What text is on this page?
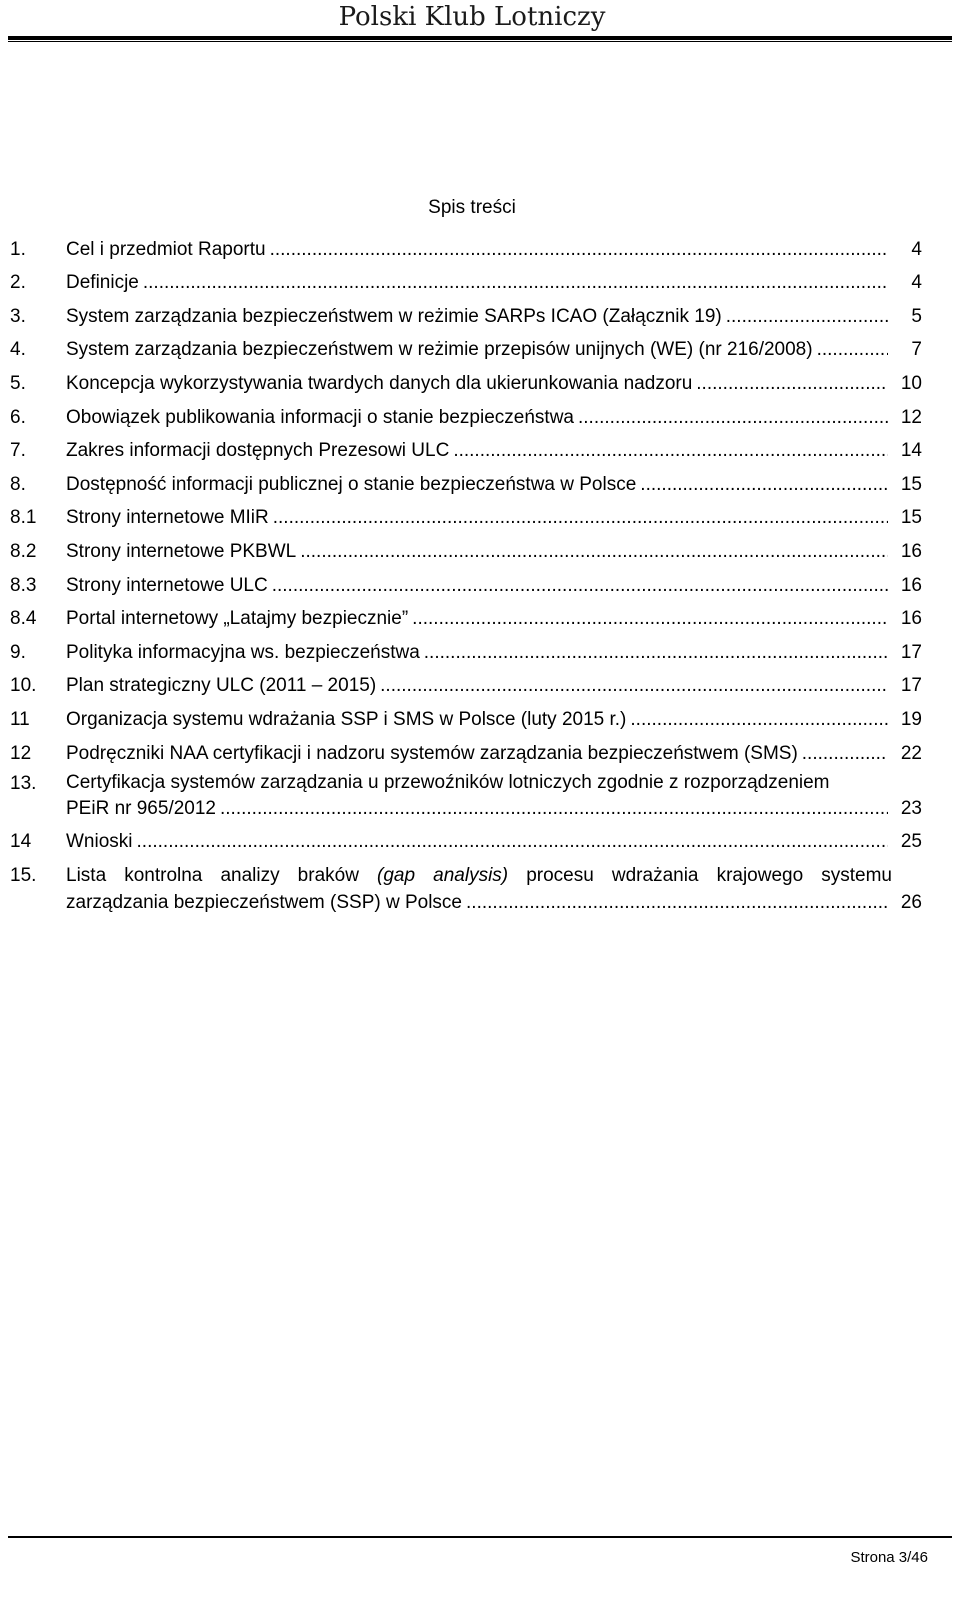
Polski Klub Lotniczy
Spis treści
1.	Cel i przedmiot Raportu .....	4
2.	Definicje .....	4
3.	System zarządzania bezpieczeństwem w reżimie SARPs ICAO (Załącznik 19) .....	5
4.	System zarządzania bezpieczeństwem w reżimie przepisów unijnych (WE) (nr 216/2008) .....	7
5.	Koncepcja wykorzystywania twardych danych dla ukierunkowania nadzoru .....	10
6.	Obowiązek publikowania informacji o stanie bezpieczeństwa .....	12
7.	Zakres informacji dostępnych Prezesowi ULC .....	14
8.	Dostępność informacji publicznej o stanie bezpieczeństwa w Polsce .....	15
8.1	Strony internetowe MIiR .....	15
8.2	Strony internetowe PKBWL .....	16
8.3	Strony internetowe ULC .....	16
8.4	Portal internetowy „Latajmy bezpiecznie” .....	16
9.	Polityka informacyjna ws. bezpieczeństwa .....	17
10.	Plan strategiczny ULC (2011 – 2015) .....	17
11	Organizacja systemu wdrażania SSP i SMS w Polsce (luty 2015 r.) .....	19
12	Podręczniki NAA certyfikacji i nadzoru systemów zarządzania bezpieczeństwem (SMS) .....	22
13.	Certyfikacja systemów zarządzania u przewoźników lotniczych zgodnie z rozporządzeniem
PEiR nr 965/2012 .....	23
14	Wnioski .....	25
15.	Lista kontrolna analizy braków (gap analysis) procesu wdrażania krajowego systemu
zarządzania bezpieczeństwem (SSP) w Polsce .....	26
Strona 3/46
